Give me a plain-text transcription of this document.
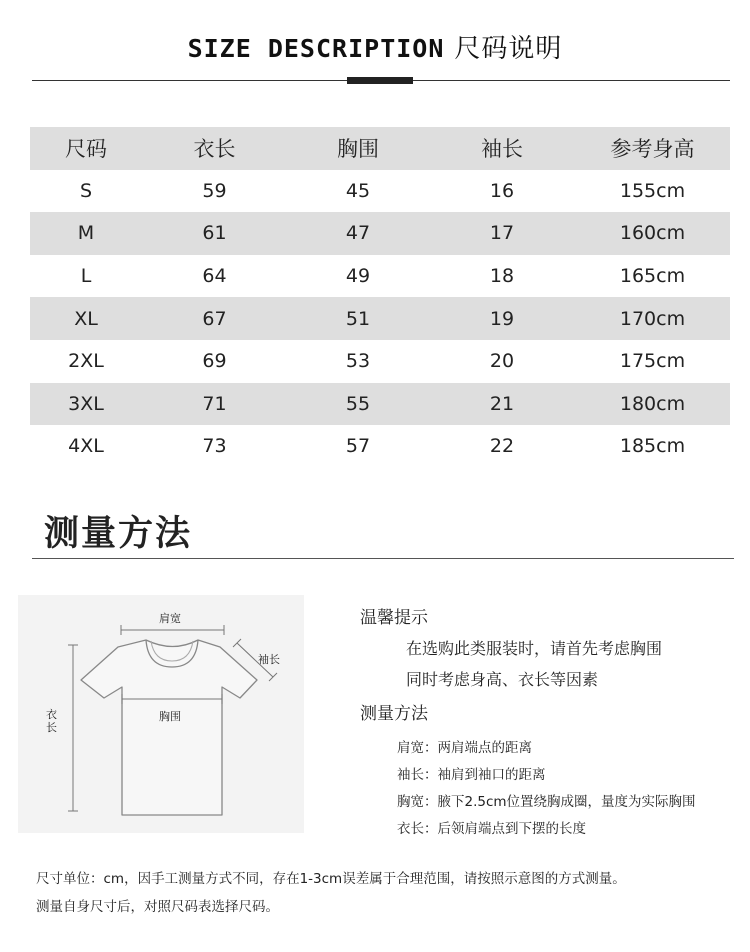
SIZE DESCRIPTION 尺码说明
尺码	衣长	胸围	袖长	参考身高
S	59	45	16	155cm
M	61	47	17	160cm
L	64	49	18	165cm
XL	67	51	19	170cm
2XL	69	53	20	175cm
3XL	71	55	21	180cm
4XL	73	57	22	185cm
测量方法
肩宽
袖长
胸围
衣长
温馨提示
在选购此类服装时，请首先考虑胸围
同时考虑身高、衣长等因素
测量方法
肩宽：两肩端点的距离
袖长：袖肩到袖口的距离
胸宽：腋下2.5cm位置绕胸成圈，量度为实际胸围
衣长：后领肩端点到下摆的长度
尺寸单位：cm，因手工测量方式不同，存在1-3cm误差属于合理范围，请按照示意图的方式测量。
测量自身尺寸后，对照尺码表选择尺码。
